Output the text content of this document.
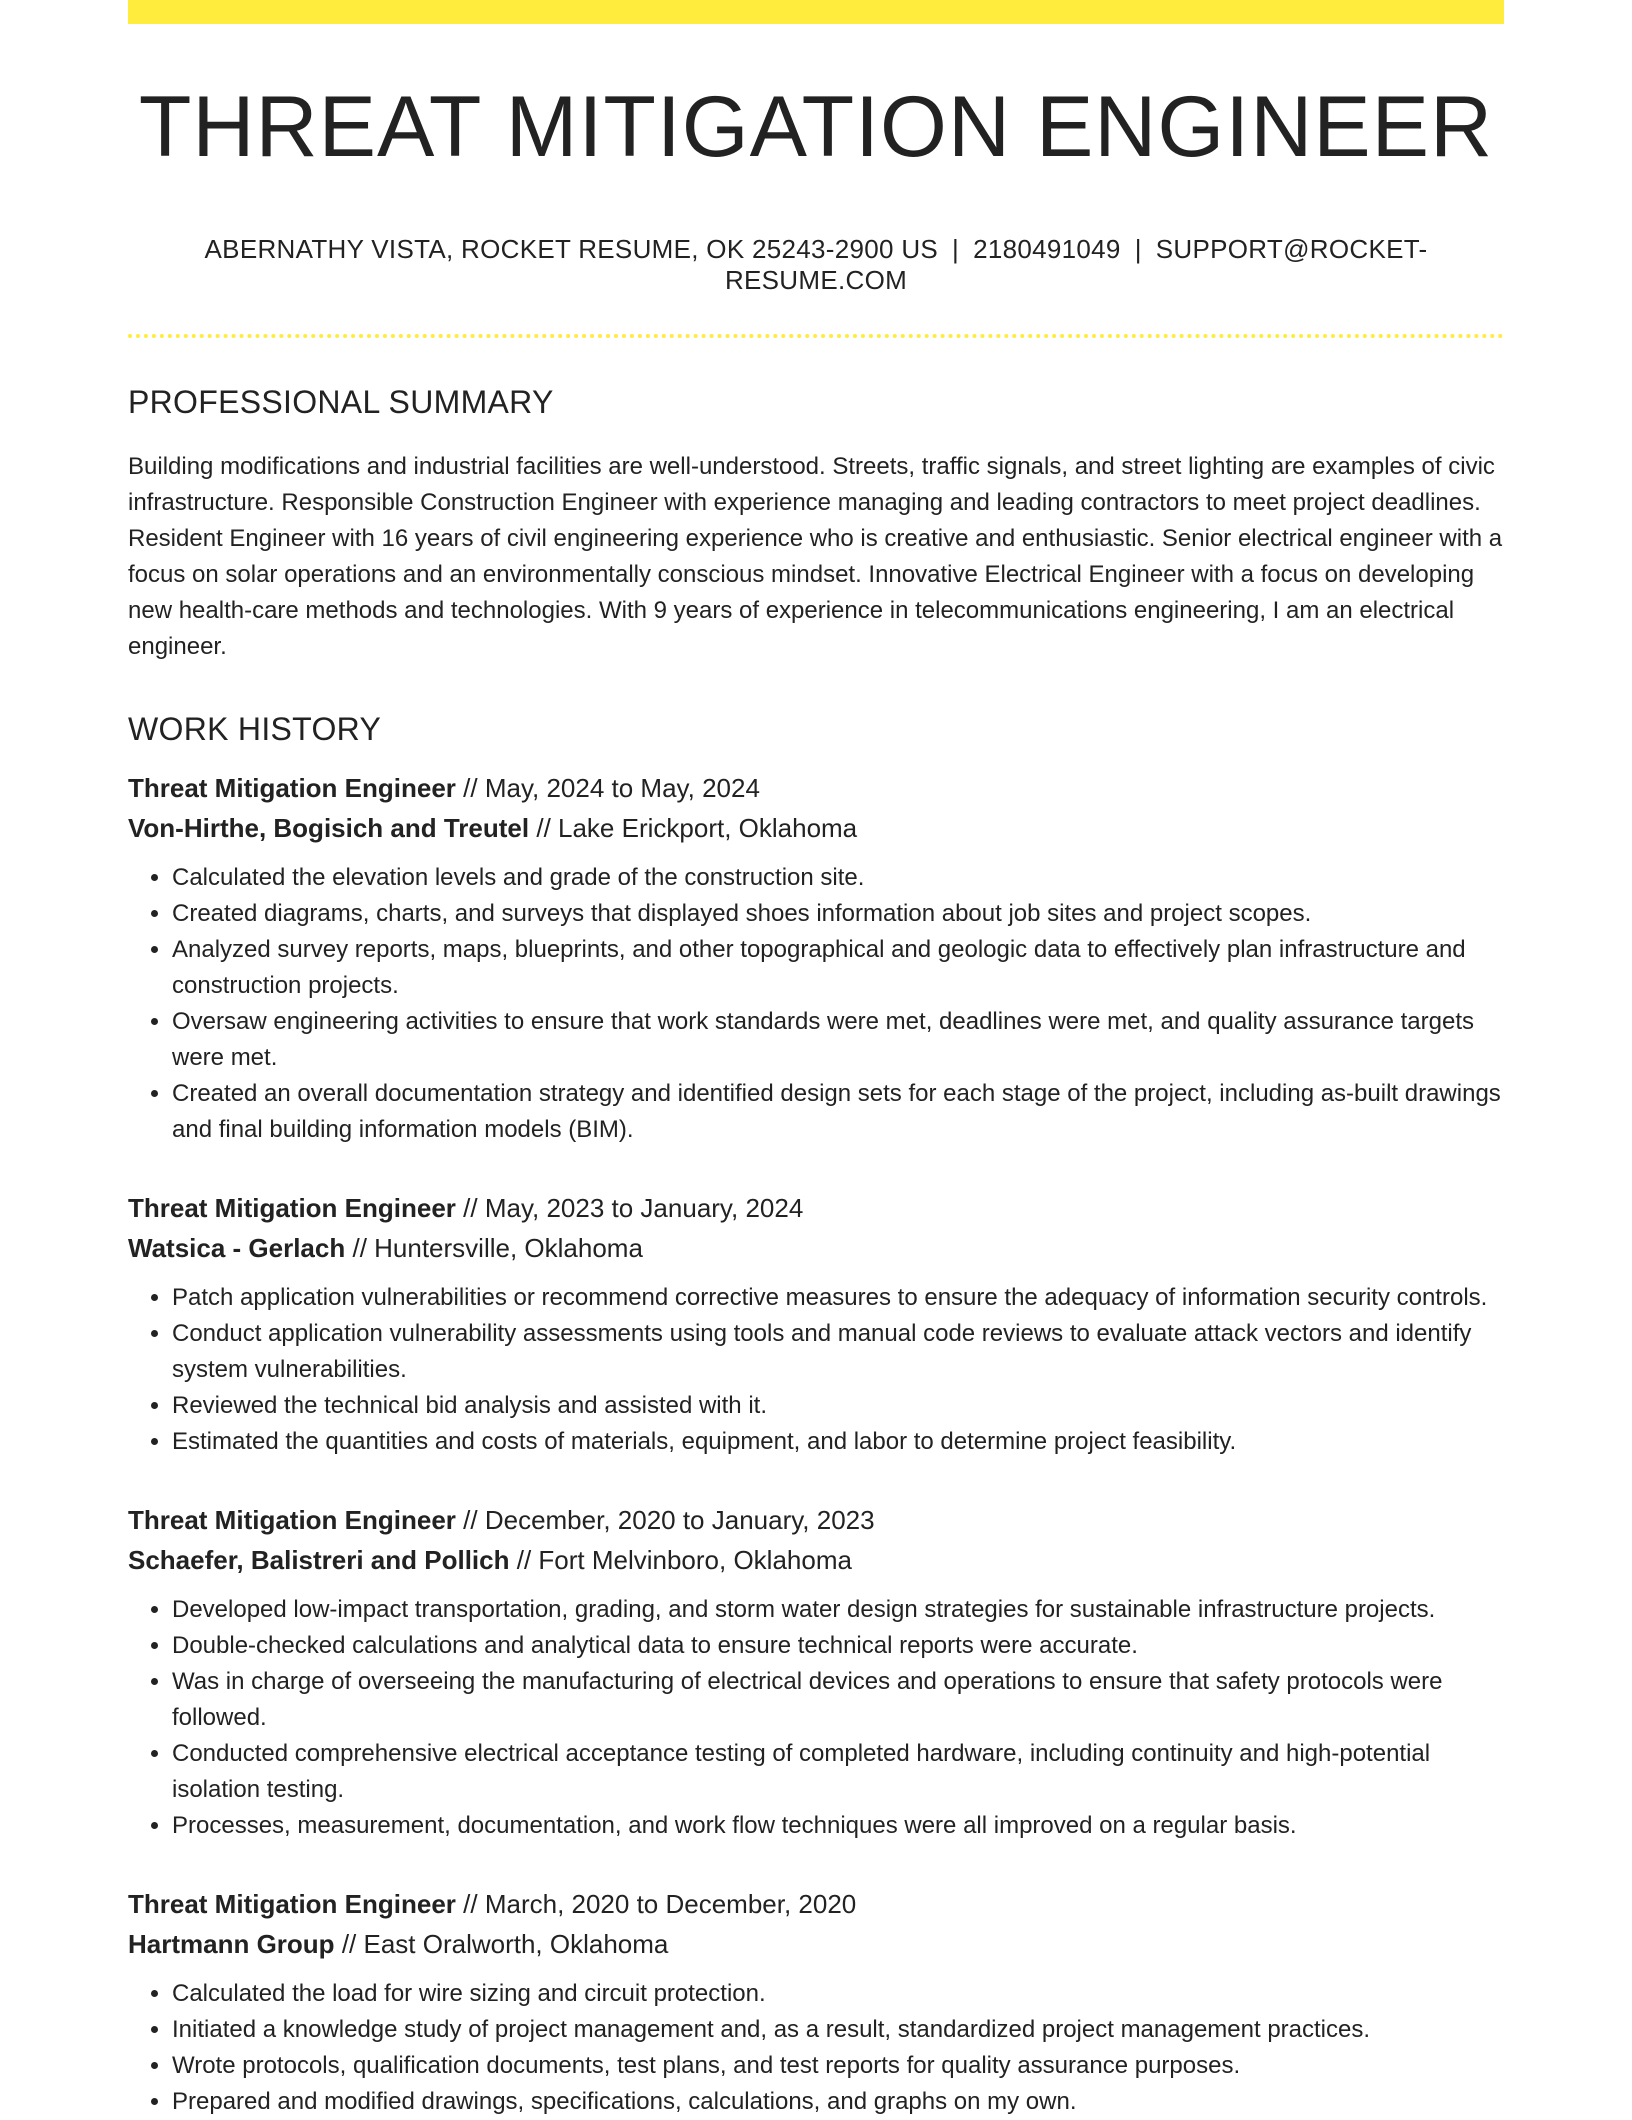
THREAT MITIGATION ENGINEER
ABERNATHY VISTA, ROCKET RESUME, OK 25243-2900 US | 2180491049 | SUPPORT@ROCKET-RESUME.COM
PROFESSIONAL SUMMARY
Building modifications and industrial facilities are well-understood. Streets, traffic signals, and street lighting are examples of civic infrastructure. Responsible Construction Engineer with experience managing and leading contractors to meet project deadlines. Resident Engineer with 16 years of civil engineering experience who is creative and enthusiastic. Senior electrical engineer with a focus on solar operations and an environmentally conscious mindset. Innovative Electrical Engineer with a focus on developing new health-care methods and technologies. With 9 years of experience in telecommunications engineering, I am an electrical engineer.
WORK HISTORY
Threat Mitigation Engineer // May, 2024 to May, 2024
Von-Hirthe, Bogisich and Treutel // Lake Erickport, Oklahoma
• Calculated the elevation levels and grade of the construction site.
• Created diagrams, charts, and surveys that displayed shoes information about job sites and project scopes.
• Analyzed survey reports, maps, blueprints, and other topographical and geologic data to effectively plan infrastructure and construction projects.
• Oversaw engineering activities to ensure that work standards were met, deadlines were met, and quality assurance targets were met.
• Created an overall documentation strategy and identified design sets for each stage of the project, including as-built drawings and final building information models (BIM).
Threat Mitigation Engineer // May, 2023 to January, 2024
Watsica - Gerlach // Huntersville, Oklahoma
• Patch application vulnerabilities or recommend corrective measures to ensure the adequacy of information security controls.
• Conduct application vulnerability assessments using tools and manual code reviews to evaluate attack vectors and identify system vulnerabilities.
• Reviewed the technical bid analysis and assisted with it.
• Estimated the quantities and costs of materials, equipment, and labor to determine project feasibility.
Threat Mitigation Engineer // December, 2020 to January, 2023
Schaefer, Balistreri and Pollich // Fort Melvinboro, Oklahoma
• Developed low-impact transportation, grading, and storm water design strategies for sustainable infrastructure projects.
• Double-checked calculations and analytical data to ensure technical reports were accurate.
• Was in charge of overseeing the manufacturing of electrical devices and operations to ensure that safety protocols were followed.
• Conducted comprehensive electrical acceptance testing of completed hardware, including continuity and high-potential isolation testing.
• Processes, measurement, documentation, and work flow techniques were all improved on a regular basis.
Threat Mitigation Engineer // March, 2020 to December, 2020
Hartmann Group // East Oralworth, Oklahoma
• Calculated the load for wire sizing and circuit protection.
• Initiated a knowledge study of project management and, as a result, standardized project management practices.
• Wrote protocols, qualification documents, test plans, and test reports for quality assurance purposes.
• Prepared and modified drawings, specifications, calculations, and graphs on my own.
